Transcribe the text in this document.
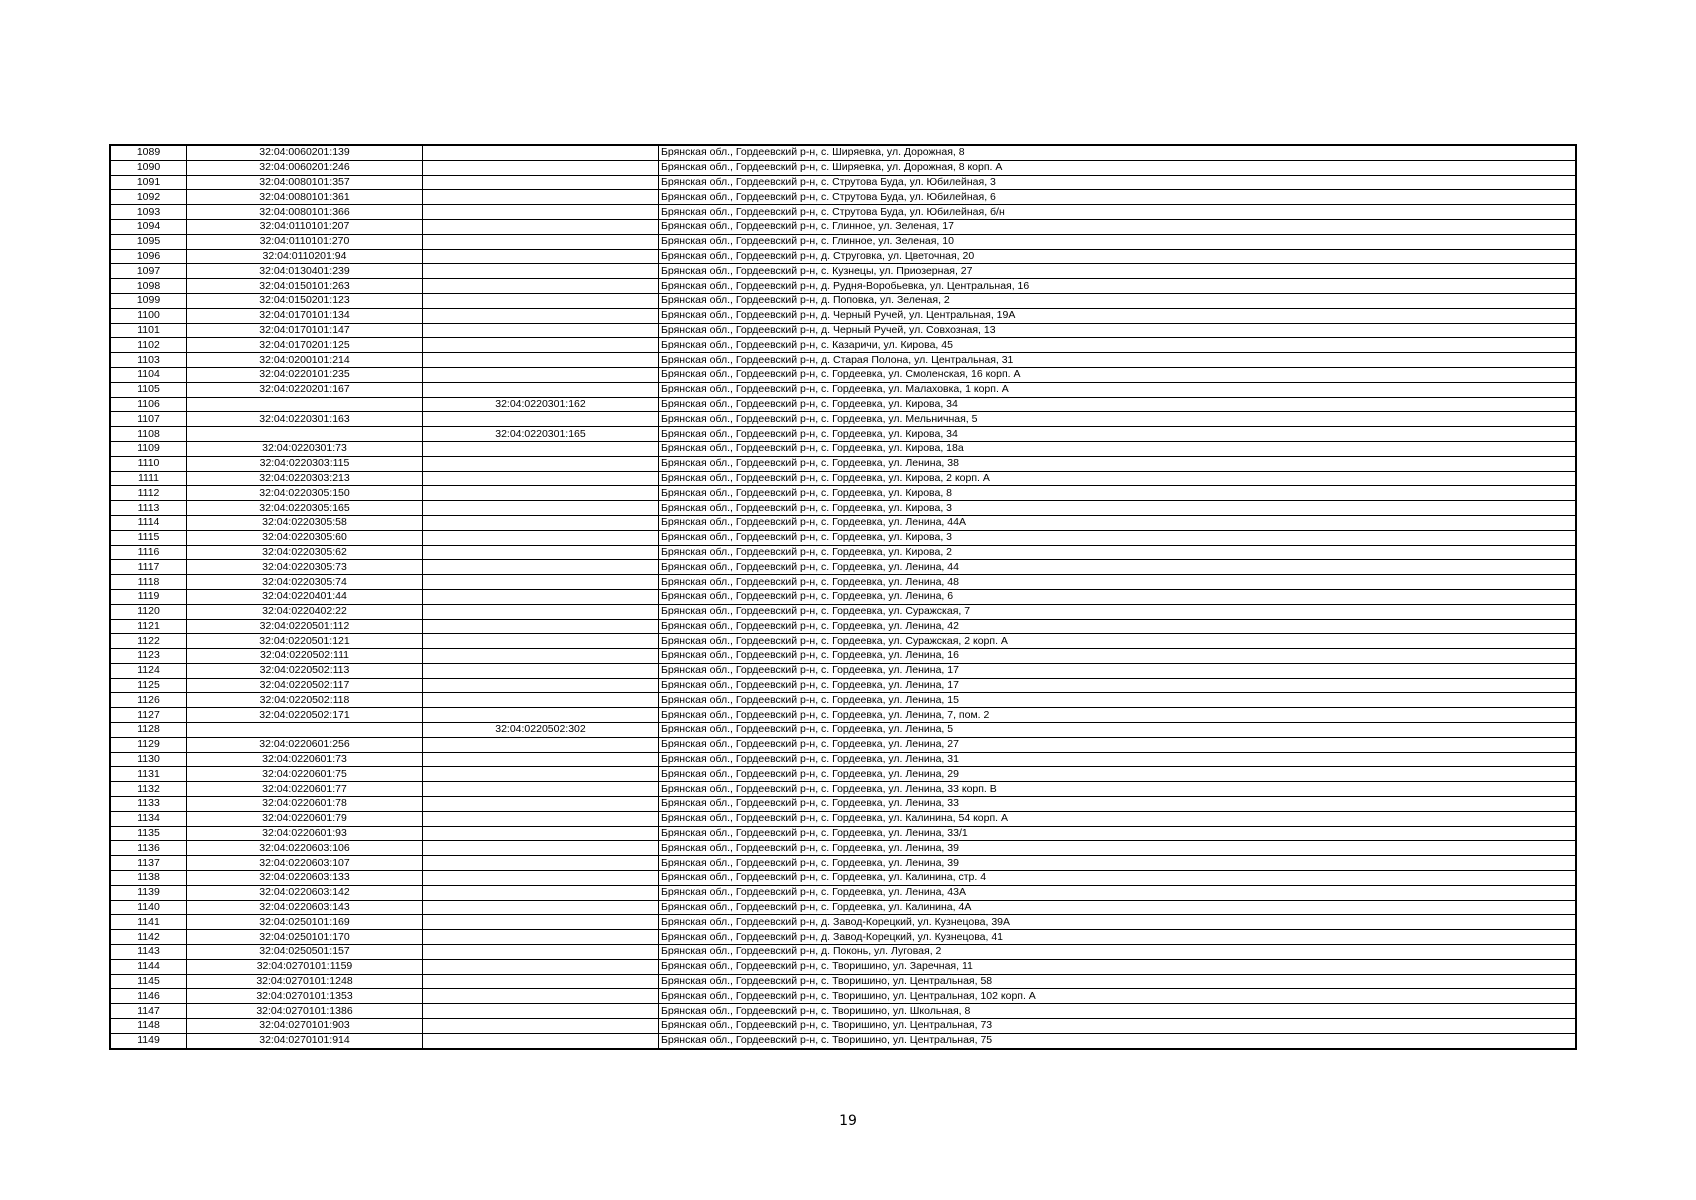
1089	32:04:0060201:139		Брянская обл., Гордеевский р-н, с. Ширяевка, ул. Дорожная, 8
1090	32:04:0060201:246		Брянская обл., Гордеевский р-н, с. Ширяевка, ул. Дорожная, 8 корп. А
1091	32:04:0080101:357		Брянская обл., Гордеевский р-н, с. Струтова Буда, ул. Юбилейная, 3
1092	32:04:0080101:361		Брянская обл., Гордеевский р-н, с. Струтова Буда, ул. Юбилейная, 6
1093	32:04:0080101:366		Брянская обл., Гордеевский р-н, с. Струтова Буда, ул. Юбилейная, б/н
1094	32:04:0110101:207		Брянская обл., Гордеевский р-н, с. Глинное, ул. Зеленая, 17
1095	32:04:0110101:270		Брянская обл., Гордеевский р-н, с. Глинное, ул. Зеленая, 10
1096	32:04:0110201:94		Брянская обл., Гордеевский р-н, д. Струговка, ул. Цветочная, 20
1097	32:04:0130401:239		Брянская обл., Гордеевский р-н, с. Кузнецы, ул. Приозерная, 27
1098	32:04:0150101:263		Брянская обл., Гордеевский р-н, д. Рудня-Воробьевка, ул. Центральная, 16
1099	32:04:0150201:123		Брянская обл., Гордеевский р-н, д. Поповка, ул. Зеленая, 2
1100	32:04:0170101:134		Брянская обл., Гордеевский р-н, д. Черный Ручей, ул. Центральная, 19А
1101	32:04:0170101:147		Брянская обл., Гордеевский р-н, д. Черный Ручей, ул. Совхозная, 13
1102	32:04:0170201:125		Брянская обл., Гордеевский р-н, с. Казаричи, ул. Кирова, 45
1103	32:04:0200101:214		Брянская обл., Гордеевский р-н, д. Старая Полона, ул. Центральная, 31
1104	32:04:0220101:235		Брянская обл., Гордеевский р-н, с. Гордеевка, ул. Смоленская, 16 корп. А
1105	32:04:0220201:167		Брянская обл., Гордеевский р-н, с. Гордеевка, ул. Малаховка, 1 корп. А
1106		32:04:0220301:162	Брянская обл., Гордеевский р-н, с. Гордеевка, ул. Кирова, 34
1107	32:04:0220301:163		Брянская обл., Гордеевский р-н, с. Гордеевка, ул. Мельничная, 5
1108		32:04:0220301:165	Брянская обл., Гордеевский р-н, с. Гордеевка, ул. Кирова, 34
1109	32:04:0220301:73		Брянская обл., Гордеевский р-н, с. Гордеевка, ул. Кирова, 18а
1110	32:04:0220303:115		Брянская обл., Гордеевский р-н, с. Гордеевка, ул. Ленина, 38
1111	32:04:0220303:213		Брянская обл., Гордеевский р-н, с. Гордеевка, ул. Кирова, 2 корп. А
1112	32:04:0220305:150		Брянская обл., Гордеевский р-н, с. Гордеевка, ул. Кирова, 8
1113	32:04:0220305:165		Брянская обл., Гордеевский р-н, с. Гордеевка, ул. Кирова, 3
1114	32:04:0220305:58		Брянская обл., Гордеевский р-н, с. Гордеевка, ул. Ленина, 44А
1115	32:04:0220305:60		Брянская обл., Гордеевский р-н, с. Гордеевка, ул. Кирова, 3
1116	32:04:0220305:62		Брянская обл., Гордеевский р-н, с. Гордеевка, ул. Кирова, 2
1117	32:04:0220305:73		Брянская обл., Гордеевский р-н, с. Гордеевка, ул. Ленина, 44
1118	32:04:0220305:74		Брянская обл., Гордеевский р-н, с. Гордеевка, ул. Ленина, 48
1119	32:04:0220401:44		Брянская обл., Гордеевский р-н, с. Гордеевка, ул. Ленина, 6
1120	32:04:0220402:22		Брянская обл., Гордеевский р-н, с. Гордеевка, ул. Суражская, 7
1121	32:04:0220501:112		Брянская обл., Гордеевский р-н, с. Гордеевка, ул. Ленина, 42
1122	32:04:0220501:121		Брянская обл., Гордеевский р-н, с. Гордеевка, ул. Суражская, 2 корп. А
1123	32:04:0220502:111		Брянская обл., Гордеевский р-н, с. Гордеевка, ул. Ленина, 16
1124	32:04:0220502:113		Брянская обл., Гордеевский р-н, с. Гордеевка, ул. Ленина, 17
1125	32:04:0220502:117		Брянская обл., Гордеевский р-н, с. Гордеевка, ул. Ленина, 17
1126	32:04:0220502:118		Брянская обл., Гордеевский р-н, с. Гордеевка, ул. Ленина, 15
1127	32:04:0220502:171		Брянская обл., Гордеевский р-н, с. Гордеевка, ул. Ленина, 7, пом. 2
1128		32:04:0220502:302	Брянская обл., Гордеевский р-н, с. Гордеевка, ул. Ленина, 5
1129	32:04:0220601:256		Брянская обл., Гордеевский р-н, с. Гордеевка, ул. Ленина, 27
1130	32:04:0220601:73		Брянская обл., Гордеевский р-н, с. Гордеевка, ул. Ленина, 31
1131	32:04:0220601:75		Брянская обл., Гордеевский р-н, с. Гордеевка, ул. Ленина, 29
1132	32:04:0220601:77		Брянская обл., Гордеевский р-н, с. Гордеевка, ул. Ленина, 33 корп. В
1133	32:04:0220601:78		Брянская обл., Гордеевский р-н, с. Гордеевка, ул. Ленина, 33
1134	32:04:0220601:79		Брянская обл., Гордеевский р-н, с. Гордеевка, ул. Калинина, 54 корп. А
1135	32:04:0220601:93		Брянская обл., Гордеевский р-н, с. Гордеевка, ул. Ленина, 33/1
1136	32:04:0220603:106		Брянская обл., Гордеевский р-н, с. Гордеевка, ул. Ленина, 39
1137	32:04:0220603:107		Брянская обл., Гордеевский р-н, с. Гордеевка, ул. Ленина, 39
1138	32:04:0220603:133		Брянская обл., Гордеевский р-н, с. Гордеевка, ул. Калинина, стр. 4
1139	32:04:0220603:142		Брянская обл., Гордеевский р-н, с. Гордеевка, ул. Ленина, 43А
1140	32:04:0220603:143		Брянская обл., Гордеевский р-н, с. Гордеевка, ул. Калинина, 4А
1141	32:04:0250101:169		Брянская обл., Гордеевский р-н, д. Завод-Корецкий, ул. Кузнецова, 39А
1142	32:04:0250101:170		Брянская обл., Гордеевский р-н, д. Завод-Корецкий, ул. Кузнецова, 41
1143	32:04:0250501:157		Брянская обл., Гордеевский р-н, д. Поконь, ул. Луговая, 2
1144	32:04:0270101:1159		Брянская обл., Гордеевский р-н, с. Творишино, ул. Заречная, 11
1145	32:04:0270101:1248		Брянская обл., Гордеевский р-н, с. Творишино, ул. Центральная, 58
1146	32:04:0270101:1353		Брянская обл., Гордеевский р-н, с. Творишино, ул. Центральная, 102 корп. А
1147	32:04:0270101:1386		Брянская обл., Гордеевский р-н, с. Творишино, ул. Школьная, 8
1148	32:04:0270101:903		Брянская обл., Гордеевский р-н, с. Творишино, ул. Центральная, 73
1149	32:04:0270101:914		Брянская обл., Гордеевский р-н, с. Творишино, ул. Центральная, 75
19
